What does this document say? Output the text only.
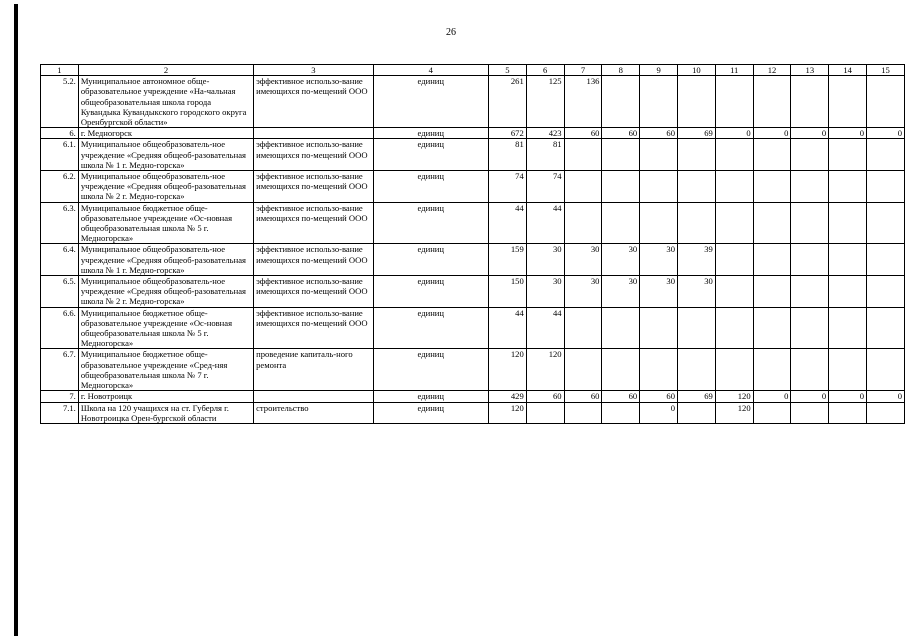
26
1	2	3	4	5	6	7	8	9	10	11	12	13	14	15
5.2.	Муниципальное автономное обще-образовательное учреждение «На-чальная общеобразовательная школа города Кувандыка Кувандыкского городского округа Оренбургской области»	эффективное использо-вание имеющихся по-мещений ООО	единиц	261	125	136								
6.	г. Медногорск		единиц	672	423	60	60	60	69	0	0	0	0	0
6.1.	Муниципальное общеобразователь-ное учреждение «Средняя общеоб-разовательная школа № 1 г. Медно-горска»	эффективное использо-вание имеющихся по-мещений ООО	единиц	81	81									
6.2.	Муниципальное общеобразователь-ное учреждение «Средняя общеоб-разовательная школа № 2 г. Медно-горска»	эффективное использо-вание имеющихся по-мещений ООО	единиц	74	74									
6.3.	Муниципальное бюджетное обще-образовательное учреждение «Ос-новная общеобразовательная школа № 5 г. Медногорска»	эффективное использо-вание имеющихся по-мещений ООО	единиц	44	44									
6.4.	Муниципальное общеобразователь-ное учреждение «Средняя общеоб-разовательная школа № 1 г. Медно-горска»	эффективное использо-вание имеющихся по-мещений ООО	единиц	159	30	30	30	30	39					
6.5.	Муниципальное общеобразователь-ное учреждение «Средняя общеоб-разовательная школа № 2 г. Медно-горска»	эффективное использо-вание имеющихся по-мещений ООО	единиц	150	30	30	30	30	30					
6.6.	Муниципальное бюджетное обще-образовательное учреждение «Ос-новная общеобразовательная школа № 5 г. Медногорска»	эффективное использо-вание имеющихся по-мещений ООО	единиц	44	44									
6.7.	Муниципальное бюджетное обще-образовательное учреждение «Сред-няя общеобразовательная школа № 7 г. Медногорска»	проведение капиталь-ного ремонта	единиц	120	120									
7.	г. Новотроицк		единиц	429	60	60	60	60	69	120	0	0	0	0
7.1.	Школа на 120 учащихся на ст. Губерля г. Новотроицка Орен-бургской области	строительство	единиц	120				0		120				
